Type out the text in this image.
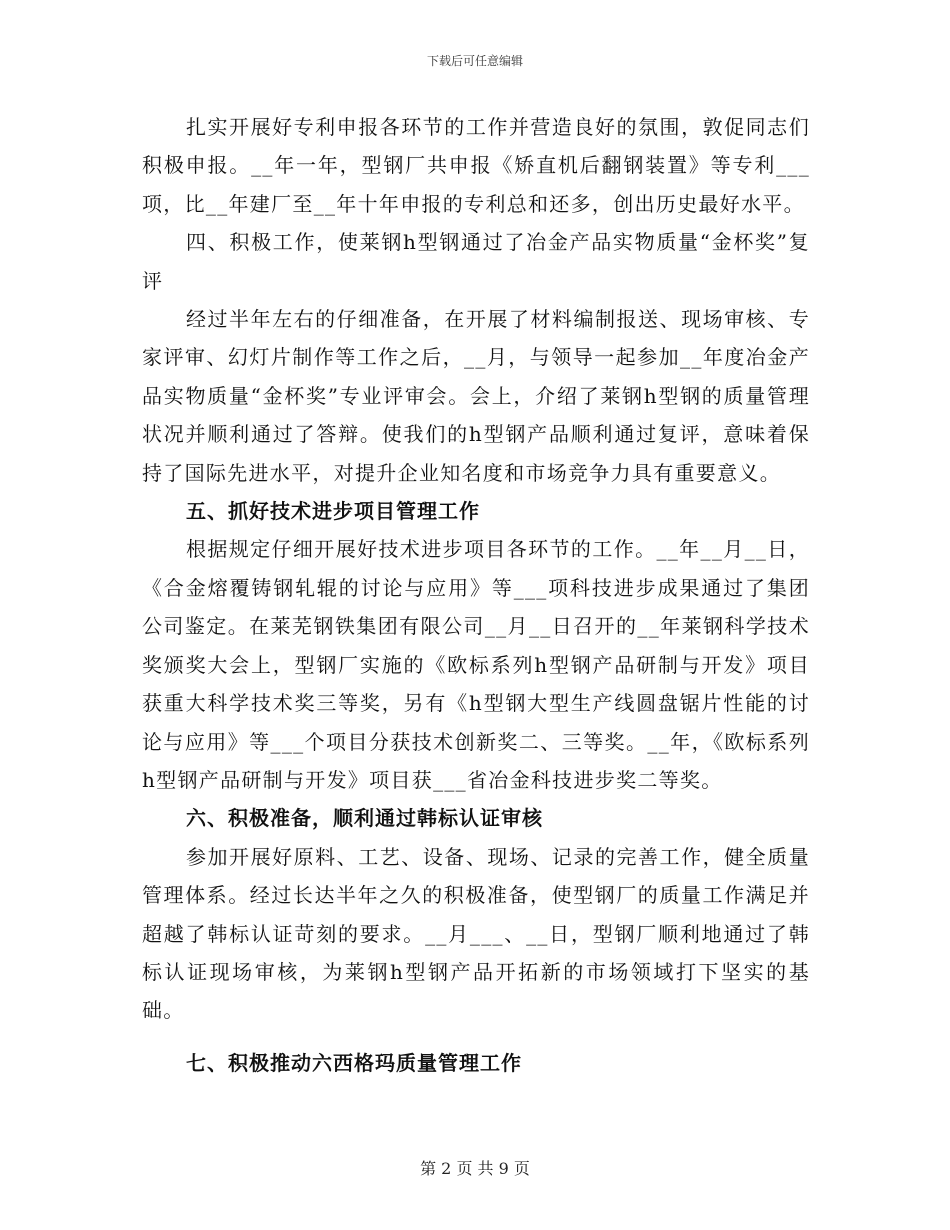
下载后可任意编辑

扎实开展好专利申报各环节的工作并营造良好的氛围，敦促同志们积极申报。__年一年，型钢厂共申报《矫直机后翻钢装置》等专利___项，比__年建厂至__年十年申报的专利总和还多，创出历史最好水平。

四、积极工作，使莱钢h型钢通过了冶金产品实物质量“金杯奖”复评

经过半年左右的仔细准备，在开展了材料编制报送、现场审核、专家评审、幻灯片制作等工作之后，__月，与领导一起参加__年度冶金产品实物质量“金杯奖”专业评审会。会上，介绍了莱钢h型钢的质量管理状况并顺利通过了答辩。使我们的h型钢产品顺利通过复评，意味着保持了国际先进水平，对提升企业知名度和市场竞争力具有重要意义。

五、抓好技术进步项目管理工作

根据规定仔细开展好技术进步项目各环节的工作。__年__月__日，《合金熔覆铸钢轧辊的讨论与应用》等___项科技进步成果通过了集团公司鉴定。在莱芜钢铁集团有限公司__月__日召开的__年莱钢科学技术奖颁奖大会上，型钢厂实施的《欧标系列h型钢产品研制与开发》项目获重大科学技术奖三等奖，另有《h型钢大型生产线圆盘锯片性能的讨论与应用》等___个项目分获技术创新奖二、三等奖。__年，《欧标系列h型钢产品研制与开发》项目获___省冶金科技进步奖二等奖。

六、积极准备，顺利通过韩标认证审核

参加开展好原料、工艺、设备、现场、记录的完善工作，健全质量管理体系。经过长达半年之久的积极准备，使型钢厂的质量工作满足并超越了韩标认证苛刻的要求。__月___、__日，型钢厂顺利地通过了韩标认证现场审核，为莱钢h型钢产品开拓新的市场领域打下坚实的基础。

七、积极推动六西格玛质量管理工作

第 2 页 共 9 页
